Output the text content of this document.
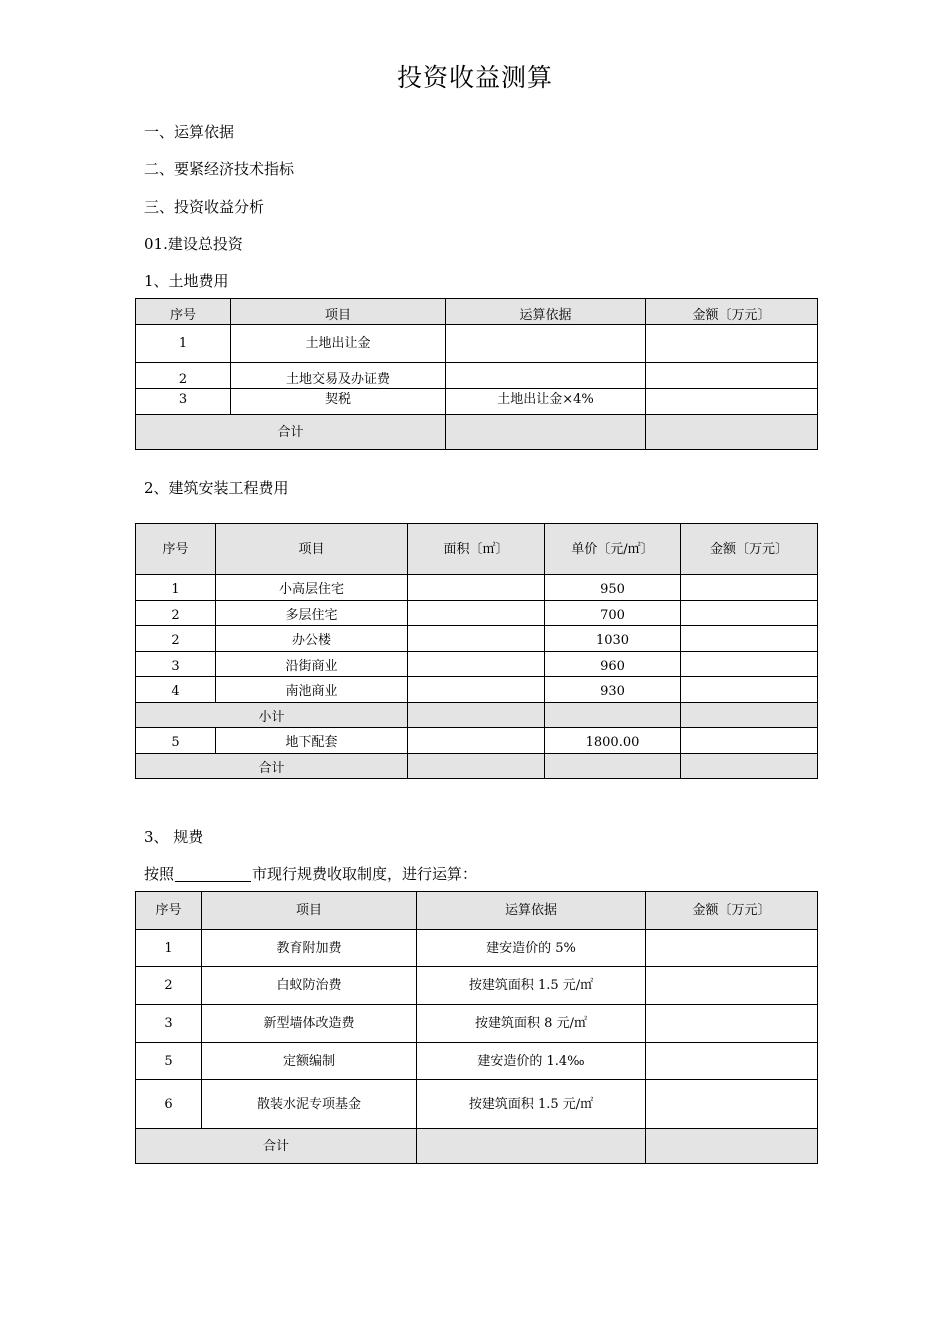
投资收益测算
一、运算依据
二、要紧经济技术指标
三、投资收益分析
01.建设总投资
1、土地费用
序号	项目	运算依据	金额〔万元〕
1	土地出让金		
2	土地交易及办证费		
3	契税	土地出让金×4%	
合计			
2、建筑安装工程费用
序号	项目	面积〔㎡〕	单价〔元/㎡〕	金额〔万元〕
1	小高层住宅		950	
2	多层住宅		700	
2	办公楼		1030	
3	沿街商业		960	
4	南池商业		930	
小计				
5	地下配套		1800.00	
合计				
3、 规费
按照	市现行规费收取制度，进行运算：
序号	项目	运算依据	金额〔万元〕
1	教育附加费	建安造价的 5%	
2	白蚁防治费	按建筑面积 1.5 元/㎡	
3	新型墙体改造费	按建筑面积 8 元/㎡	
5	定额编制	建安造价的 1.4‰	
6	散装水泥专项基金	按建筑面积 1.5 元/㎡	
合计			
